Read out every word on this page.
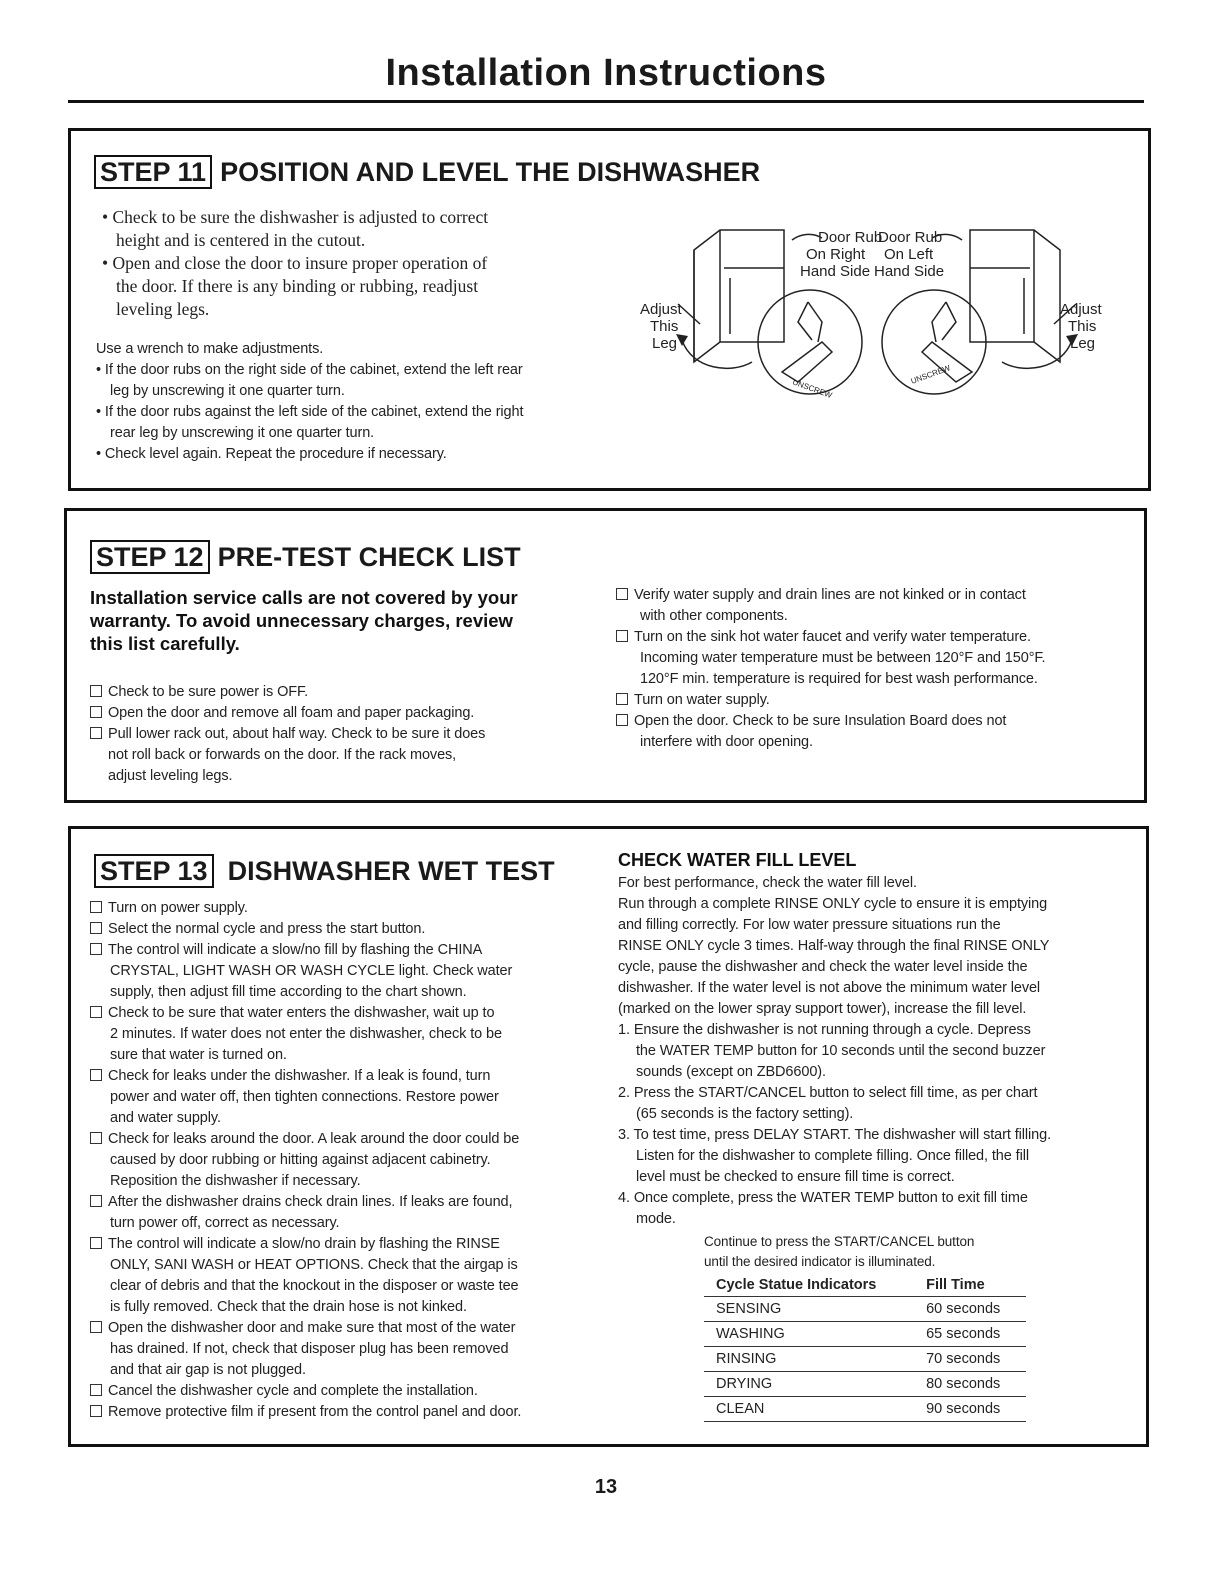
Installation Instructions
STEP 11 POSITION AND LEVEL THE DISHWASHER
• Check to be sure the dishwasher is adjusted to correct
height and is centered in the cutout.
• Open and close the door to insure proper operation of
the door. If there is any binding or rubbing, readjust
leveling legs.
Use a wrench to make adjustments.
• If the door rubs on the right side of the cabinet, extend the left rear
leg by unscrewing it one quarter turn.
• If the door rubs against the left side of the cabinet, extend the right
rear leg by unscrewing it one quarter turn.
• Check level again. Repeat the procedure if necessary.
Adjust
This
Leg
Adjust
This
Leg
Door Rub
On Right
Hand Side
Door Rub
On Left
Hand Side
UNSCREW
UNSCREW
STEP 12 PRE-TEST CHECK LIST
Installation service calls are not covered by your
warranty. To avoid unnecessary charges, review
this list carefully.
Check to be sure power is OFF.
Open the door and remove all foam and paper packaging.
Pull lower rack out, about half way. Check to be sure it does
not roll back or forwards on the door. If the rack moves,
adjust leveling legs.
Verify water supply and drain lines are not kinked or in contact
with other components.
Turn on the sink hot water faucet and verify water temperature.
Incoming water temperature must be between 120°F and 150°F.
120°F min. temperature is required for best wash performance.
Turn on water supply.
Open the door. Check to be sure Insulation Board does not
interfere with door opening.
STEP 13 DISHWASHER WET TEST
Turn on power supply.
Select the normal cycle and press the start button.
The control will indicate a slow/no fill by flashing the CHINA
CRYSTAL, LIGHT WASH OR WASH CYCLE light. Check water
supply, then adjust fill time according to the chart shown.
Check to be sure that water enters the dishwasher, wait up to
2 minutes. If water does not enter the dishwasher, check to be
sure that water is turned on.
Check for leaks under the dishwasher. If a leak is found, turn
power and water off, then tighten connections. Restore power
and water supply.
Check for leaks around the door. A leak around the door could be
caused by door rubbing or hitting against adjacent cabinetry.
Reposition the dishwasher if necessary.
After the dishwasher drains check drain lines. If leaks are found,
turn power off, correct as necessary.
The control will indicate a slow/no drain by flashing the RINSE
ONLY, SANI WASH or HEAT OPTIONS. Check that the airgap is
clear of debris and that the knockout in the disposer or waste tee
is fully removed. Check that the drain hose is not kinked.
Open the dishwasher door and make sure that most of the water
has drained. If not, check that disposer plug has been removed
and that air gap is not plugged.
Cancel the dishwasher cycle and complete the installation.
Remove protective film if present from the control panel and door.
CHECK WATER FILL LEVEL
For best performance, check the water fill level.
Run through a complete RINSE ONLY cycle to ensure it is emptying
and filling correctly. For low water pressure situations run the
RINSE ONLY cycle 3 times. Half-way through the final RINSE ONLY
cycle, pause the dishwasher and check the water level inside the
dishwasher. If the water level is not above the minimum water level
(marked on the lower spray support tower), increase the fill level.
1. Ensure the dishwasher is not running through a cycle. Depress
the WATER TEMP button for 10 seconds until the second buzzer
sounds (except on ZBD6600).
2. Press the START/CANCEL button to select fill time, as per chart
(65 seconds is the factory setting).
3. To test time, press DELAY START. The dishwasher will start filling.
Listen for the dishwasher to complete filling. Once filled, the fill
level must be checked to ensure fill time is correct.
4. Once complete, press the WATER TEMP button to exit fill time
mode.
Continue to press the START/CANCEL button
until the desired indicator is illuminated.
Cycle Statue Indicators	Fill Time
SENSING	60 seconds
WASHING	65 seconds
RINSING	70 seconds
DRYING	80 seconds
CLEAN	90 seconds
13
